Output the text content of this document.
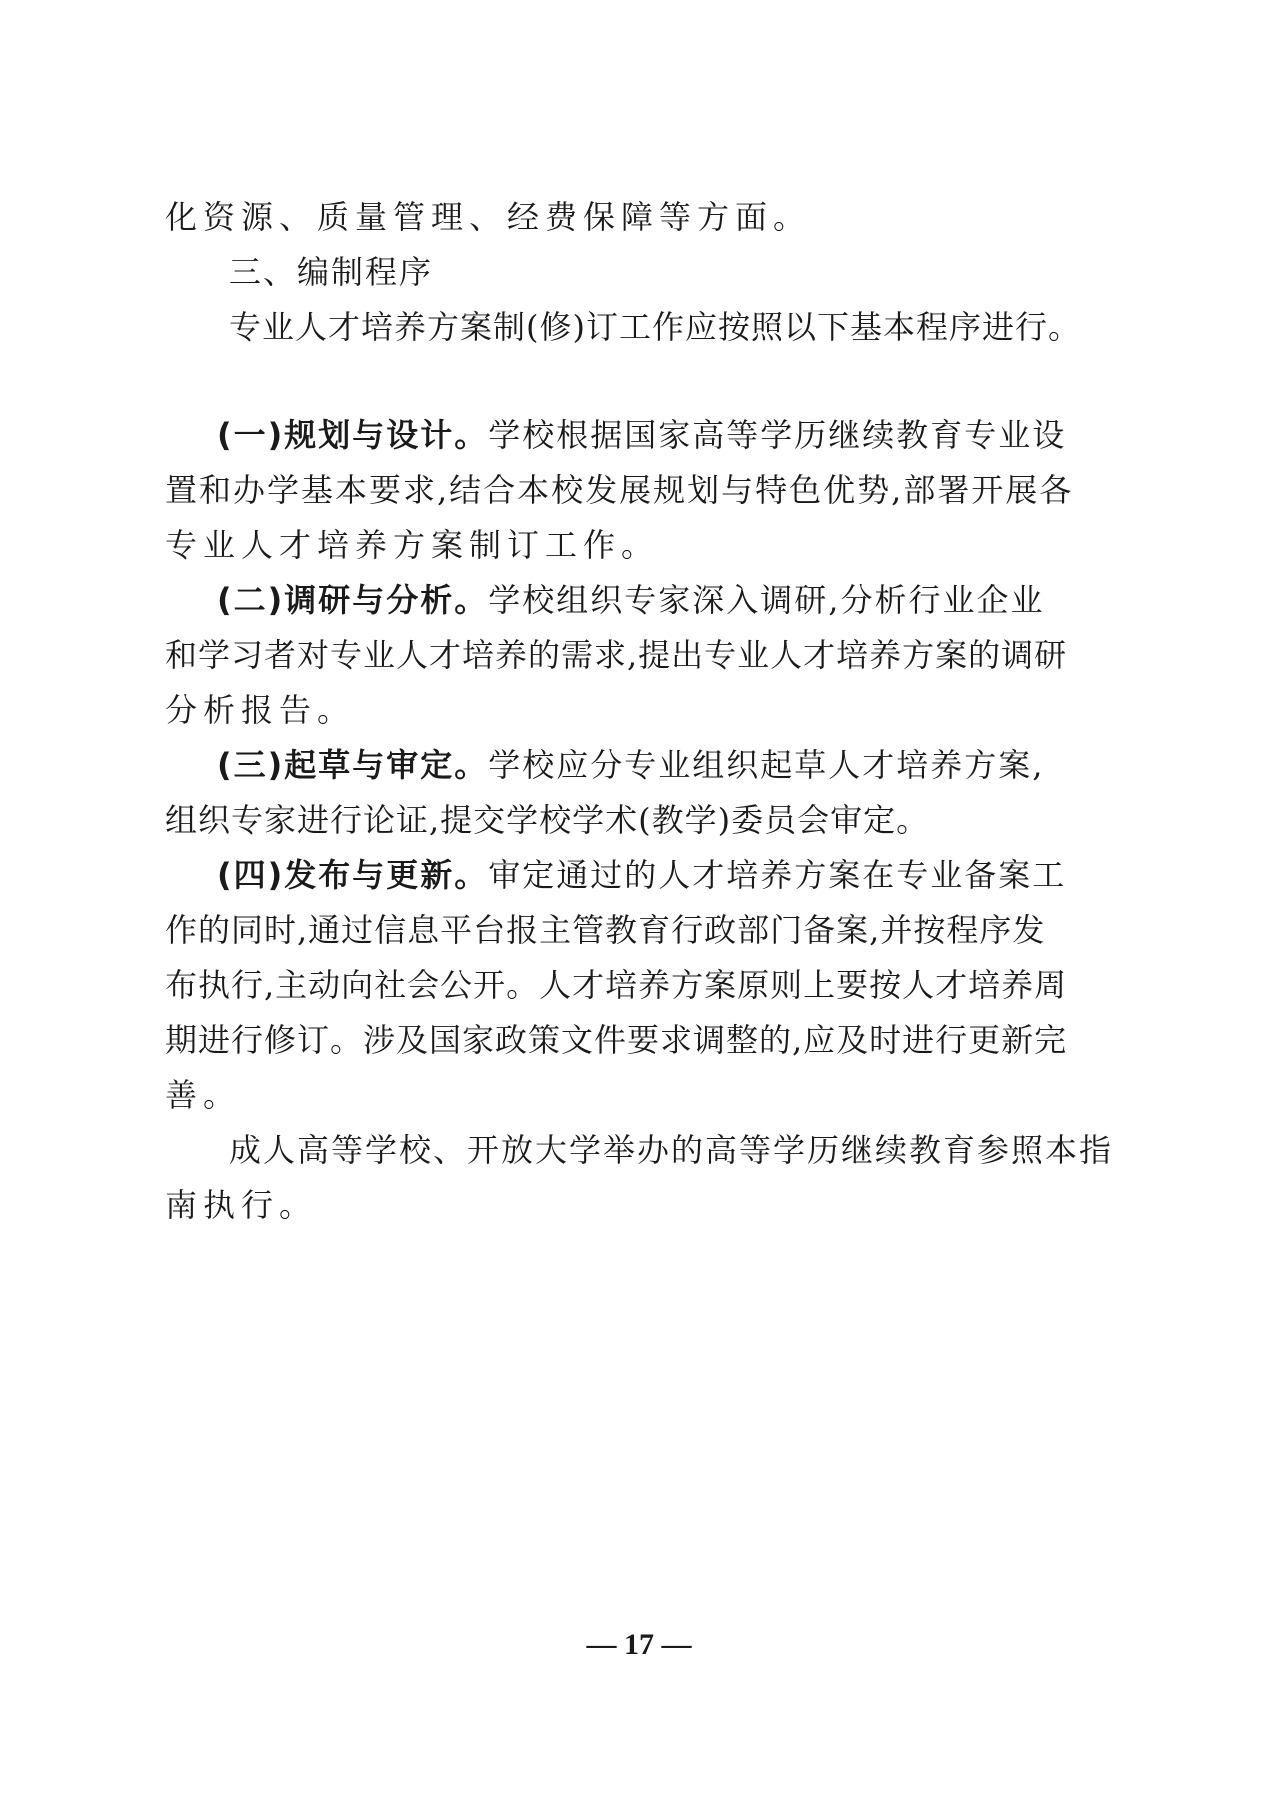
化资源、质量管理、经费保障等方面。
三、编制程序
专业人才培养方案制(修)订工作应按照以下基本程序进行。
(一)规划与设计。学校根据国家高等学历继续教育专业设
置和办学基本要求,结合本校发展规划与特色优势,部署开展各
专业人才培养方案制订工作。
(二)调研与分析。学校组织专家深入调研,分析行业企业
和学习者对专业人才培养的需求,提出专业人才培养方案的调研
分析报告。
(三)起草与审定。学校应分专业组织起草人才培养方案,
组织专家进行论证,提交学校学术(教学)委员会审定。
(四)发布与更新。审定通过的人才培养方案在专业备案工
作的同时,通过信息平台报主管教育行政部门备案,并按程序发
布执行,主动向社会公开。人才培养方案原则上要按人才培养周
期进行修订。涉及国家政策文件要求调整的,应及时进行更新完
善。
成人高等学校、开放大学举办的高等学历继续教育参照本指
南执行。
— 17 —
